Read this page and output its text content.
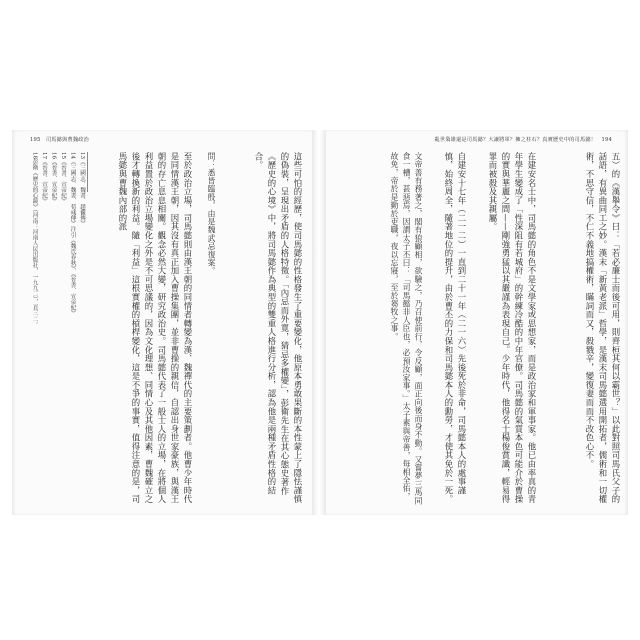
195　司馬懿與曹魏政治
這些可怕的經歷，使司馬懿的性格發生了重要變化，他原本勇敢果斷的本性蒙上了隱怯謹慎的偽裝，呈現出矛盾的人格特徵。「內忌而外寬，猜忌多權變」，彭衛先生在其心態史著作《歷史的心境》中，將司馬懿作為典型的雙重人格進行分析，認為他是兩種矛盾性格的結合。
問：悉皆臨殷，由是魏武忌復案。
至於政治立場，司馬懿則由漢王朝的同情者轉變為漢、魏禪代的主要策劃者。他曹少年時代是同情漢王朝，因其沒有真正加入曹操集團，並非曹操的親信，自認出身世家豪族，與漢王朝的存亡息息相關。觀念必然大變，研究政治史。司馬懿代表了一般士人的立場，在將個人利益置於政治立場變化之外是不可思議的，因為文化理想、同情心及其他因素，曹魏確立之後才轉換新的利益。隨「利益」這根實權的槓桿變化，這是不爭的事實，值得注意的是，司馬懿與曹魏內部的派
13《三國志．魏書．趙儼傳》
14《三國志．魏書．荀彧傳》注引《魏氏春秋》、《晉書．宣帝紀》
15《晉書．宣帝紀》
16《晉書．宣帝紀》
17《晉書．宣帝紀》
18彭衛《歷史的心鏡》（河南：河南人民出版社，一九九二），頁三二。
亂世梟雄還是司馬懿？大讓將軍？擁之柱石？真實歷史中的司馬懿！　194
五）的《漢舉令》曰：「若必廉士而後可用，則齊桓其何以霸世？」以此對照司馬氏父子的話語，有異曲同工之妙。漢末「新黃老派」哲學，是漢末司馬懿選用開拓者，儒術和一切權術，不思守信，不仁不義地搞權術，瞞詞而又，殺戮辛，變復妻而而不改色心不。
在建安名士中，司馬懿的角色不是文學家或思想家，而是政治家和軍事家。他已由率真的青年學生變成了「性深阻有若城府」的幹練冷酷的中年官僚。司馬懿的氣質本色可能介於曹操的實與華麗之間——剛強勇猛以其嚴謹為表現自己。少年時代，他得名士楊俊賞識，輕易得罪而被殺及其親屬。
自建安十七年（二一二）一直到二十一年（二一六）先後死於非命，司馬懿本人的處事謹慎，始終周全，隨著地位的提升，由於曹丕的力保和司馬懿本人的勳勞，才使其免於一死。
文帝善有務著之，閣有狼顧相，欲驗之，乃召使前行，令反顧，面正向後而身不動。又嘗夢三馬同食一槽，甚惡焉，因謂太子丕曰：「司馬懿非人臣也，必預汝家事。」太子素與帝善，每相全佑，故免，帝於是勤於吏職，夜以忘寢，至於芻牧之事。
